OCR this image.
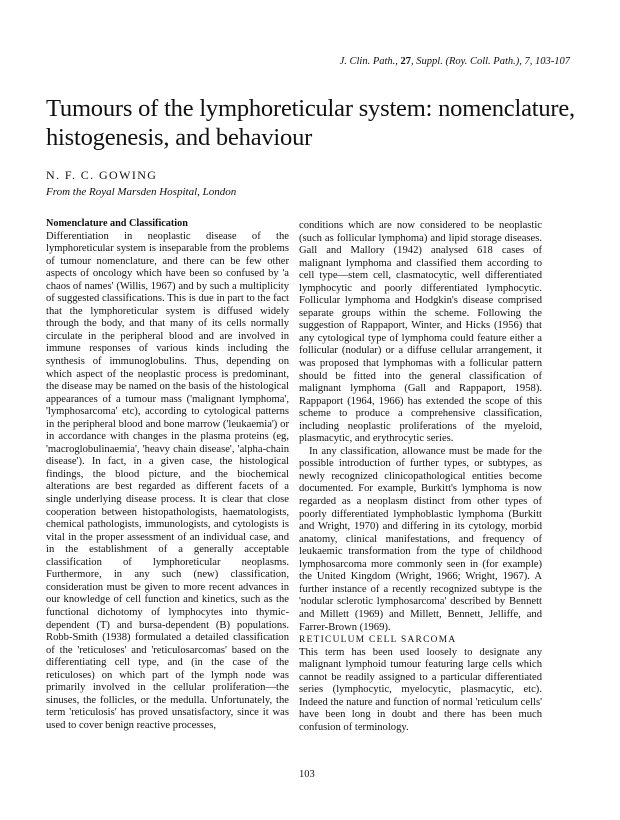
J. Clin. Path., 27, Suppl. (Roy. Coll. Path.), 7, 103-107
Tumours of the lymphoreticular system: nomenclature, histogenesis, and behaviour

N. F. C. GOWING

From the Royal Marsden Hospital, London

Nomenclature and Classification

Differentiation in neoplastic disease of the lymphoreticular system is inseparable from the problems of tumour nomenclature, and there can be few other aspects of oncology which have been so confused by 'a chaos of names' (Willis, 1967) and by such a multiplicity of suggested classifications. This is due in part to the fact that the lymphoreticular system is diffused widely through the body, and that many of its cells normally circulate in the peripheral blood and are involved in immune responses of various kinds including the synthesis of immunoglobulins. Thus, depending on which aspect of the neoplastic process is predominant, the disease may be named on the basis of the histological appearances of a tumour mass ('malignant lymphoma', 'lymphosarcoma' etc), according to cytological patterns in the peripheral blood and bone marrow ('leukaemia') or in accordance with changes in the plasma proteins (eg, 'macroglobulinaemia', 'heavy chain disease', 'alpha-chain disease'). In fact, in a given case, the histological findings, the blood picture, and the biochemical alterations are best regarded as different facets of a single underlying disease process. It is clear that close cooperation between histopathologists, haematologists, chemical pathologists, immunologists, and cytologists is vital in the proper assessment of an individual case, and in the establishment of a generally acceptable classification of lymphoreticular neoplasms. Furthermore, in any such (new) classification, consideration must be given to more recent advances in our knowledge of cell function and kinetics, such as the functional dichotomy of lymphocytes into thymic-dependent (T) and bursa-dependent (B) populations. Robb-Smith (1938) formulated a detailed classification of the 'reticuloses' and 'reticulosarcomas' based on the differentiating cell type, and (in the case of the reticuloses) on which part of the lymph node was primarily involved in the cellular proliferation—the sinuses, the follicles, or the medulla. Unfortunately, the term 'reticulosis' has proved unsatisfactory, since it was used to cover benign reactive processes,

conditions which are now considered to be neoplastic (such as follicular lymphoma) and lipid storage diseases. Gall and Mallory (1942) analysed 618 cases of malignant lymphoma and classified them according to cell type—stem cell, clasmatocytic, well differentiated lymphocytic and poorly differentiated lymphocytic. Follicular lymphoma and Hodgkin's disease comprised separate groups within the scheme. Following the suggestion of Rappaport, Winter, and Hicks (1956) that any cytological type of lymphoma could feature either a follicular (nodular) or a diffuse cellular arrangement, it was proposed that lymphomas with a follicular pattern should be fitted into the general classification of malignant lymphoma (Gall and Rappaport, 1958). Rappaport (1964, 1966) has extended the scope of this scheme to produce a comprehensive classification, including neoplastic proliferations of the myeloid, plasmacytic, and erythrocytic series.

In any classification, allowance must be made for the possible introduction of further types, or subtypes, as newly recognized clinicopathological entities become documented. For example, Burkitt's lymphoma is now regarded as a neoplasm distinct from other types of poorly differentiated lymphoblastic lymphoma (Burkitt and Wright, 1970) and differing in its cytology, morbid anatomy, clinical manifestations, and frequency of leukaemic transformation from the type of childhood lymphosarcoma more commonly seen in (for example) the United Kingdom (Wright, 1966; Wright, 1967). A further instance of a recently recognized subtype is the 'nodular sclerotic lymphosarcoma' described by Bennett and Millett (1969) and Millett, Bennett, Jelliffe, and Farrer-Brown (1969).

RETICULUM CELL SARCOMA

This term has been used loosely to designate any malignant lymphoid tumour featuring large cells which cannot be readily assigned to a particular differentiated series (lymphocytic, myelocytic, plasmacytic, etc). Indeed the nature and function of normal 'reticulum cells' have been long in doubt and there has been much confusion of terminology.

103
